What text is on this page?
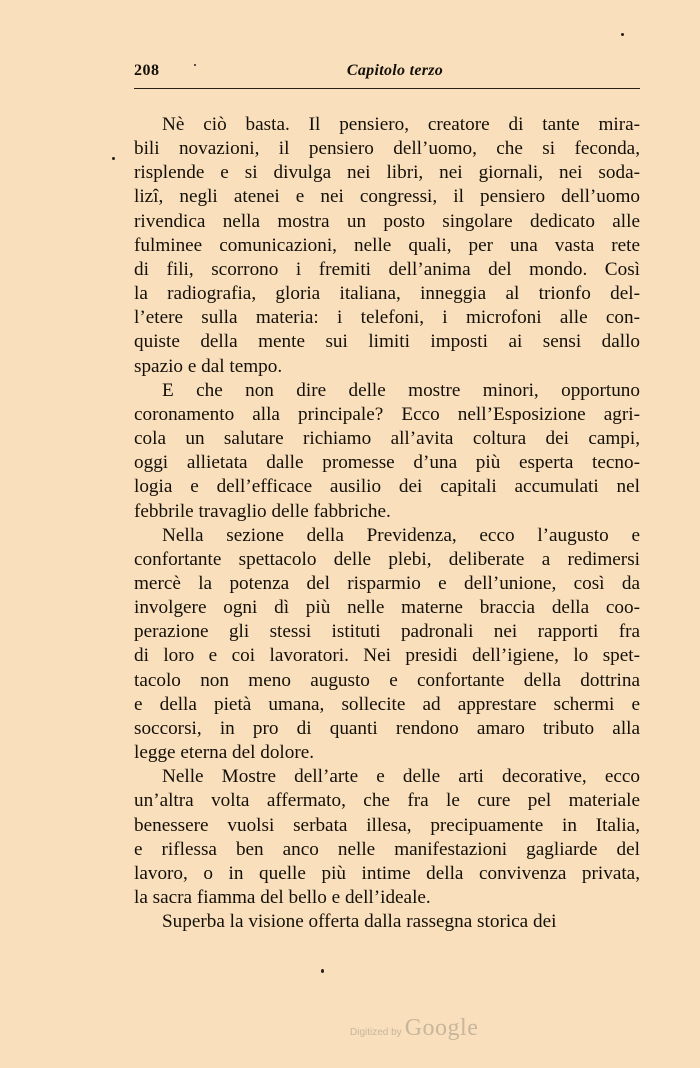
208	Capitolo terzo
Nè ciò basta. Il pensiero, creatore di tante mira-
bili novazioni, il pensiero dell’uomo, che si feconda,
risplende e si divulga nei libri, nei giornali, nei soda-
lizî, negli atenei e nei congressi, il pensiero dell’uomo
rivendica nella mostra un posto singolare dedicato alle
fulminee comunicazioni, nelle quali, per una vasta rete
di fili, scorrono i fremiti dell’anima del mondo. Così
la radiografia, gloria italiana, inneggia al trionfo del-
l’etere sulla materia: i telefoni, i microfoni alle con-
quiste della mente sui limiti imposti ai sensi dallo
spazio e dal tempo.
E che non dire delle mostre minori, opportuno
coronamento alla principale? Ecco nell’Esposizione agri-
cola un salutare richiamo all’avita coltura dei campi,
oggi allietata dalle promesse d’una più esperta tecno-
logia e dell’efficace ausilio dei capitali accumulati nel
febbrile travaglio delle fabbriche.
Nella sezione della Previdenza, ecco l’augusto e
confortante spettacolo delle plebi, deliberate a redimersi
mercè la potenza del risparmio e dell’unione, così da
involgere ogni dì più nelle materne braccia della coo-
perazione gli stessi istituti padronali nei rapporti fra
di loro e coi lavoratori. Nei presidi dell’igiene, lo spet-
tacolo non meno augusto e confortante della dottrina
e della pietà umana, sollecite ad apprestare schermi e
soccorsi, in pro di quanti rendono amaro tributo alla
legge eterna del dolore.
Nelle Mostre dell’arte e delle arti decorative, ecco
un’altra volta affermato, che fra le cure pel materiale
benessere vuolsi serbata illesa, precipuamente in Italia,
e riflessa ben anco nelle manifestazioni gagliarde del
lavoro, o in quelle più intime della convivenza privata,
la sacra fiamma del bello e dell’ideale.
Superba la visione offerta dalla rassegna storica dei
Digitized by Google
